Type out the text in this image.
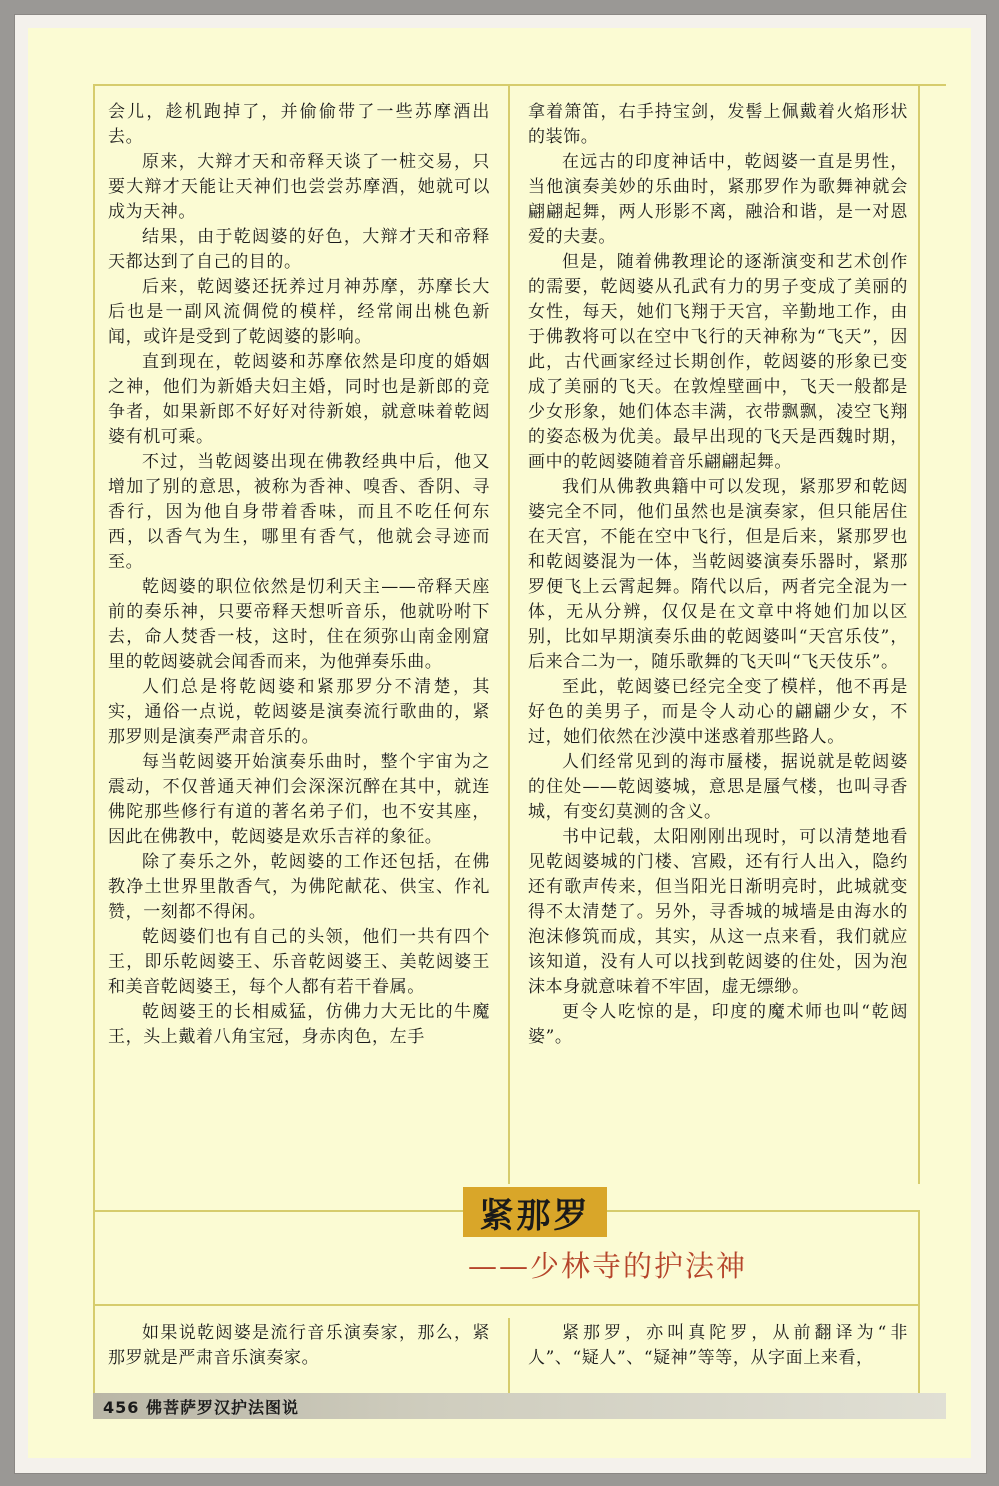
会儿，趁机跑掉了，并偷偷带了一些苏摩酒出去。

原来，大辩才天和帝释天谈了一桩交易，只要大辩才天能让天神们也尝尝苏摩酒，她就可以成为天神。

结果，由于乾闼婆的好色，大辩才天和帝释天都达到了自己的目的。

后来，乾闼婆还抚养过月神苏摩，苏摩长大后也是一副风流倜傥的模样，经常闹出桃色新闻，或许是受到了乾闼婆的影响。

直到现在，乾闼婆和苏摩依然是印度的婚姻之神，他们为新婚夫妇主婚，同时也是新郎的竞争者，如果新郎不好好对待新娘，就意味着乾闼婆有机可乘。

不过，当乾闼婆出现在佛教经典中后，他又增加了别的意思，被称为香神、嗅香、香阴、寻香行，因为他自身带着香味，而且不吃任何东西，以香气为生，哪里有香气，他就会寻迹而至。

乾闼婆的职位依然是忉利天主——帝释天座前的奏乐神，只要帝释天想听音乐，他就吩咐下去，命人焚香一枝，这时，住在须弥山南金刚窟里的乾闼婆就会闻香而来，为他弹奏乐曲。

人们总是将乾闼婆和紧那罗分不清楚，其实，通俗一点说，乾闼婆是演奏流行歌曲的，紧那罗则是演奏严肃音乐的。

每当乾闼婆开始演奏乐曲时，整个宇宙为之震动，不仅普通天神们会深深沉醉在其中，就连佛陀那些修行有道的著名弟子们，也不安其座，因此在佛教中，乾闼婆是欢乐吉祥的象征。

除了奏乐之外，乾闼婆的工作还包括，在佛教净土世界里散香气，为佛陀献花、供宝、作礼赞，一刻都不得闲。

乾闼婆们也有自己的头领，他们一共有四个王，即乐乾闼婆王、乐音乾闼婆王、美乾闼婆王和美音乾闼婆王，每个人都有若干眷属。

乾闼婆王的长相威猛，仿佛力大无比的牛魔王，头上戴着八角宝冠，身赤肉色，左手

拿着箫笛，右手持宝剑，发髻上佩戴着火焰形状的装饰。

在远古的印度神话中，乾闼婆一直是男性，当他演奏美妙的乐曲时，紧那罗作为歌舞神就会翩翩起舞，两人形影不离，融洽和谐，是一对恩爱的夫妻。

但是，随着佛教理论的逐渐演变和艺术创作的需要，乾闼婆从孔武有力的男子变成了美丽的女性，每天，她们飞翔于天宫，辛勤地工作，由于佛教将可以在空中飞行的天神称为“飞天”，因此，古代画家经过长期创作，乾闼婆的形象已变成了美丽的飞天。在敦煌壁画中，飞天一般都是少女形象，她们体态丰满，衣带飘飘，凌空飞翔的姿态极为优美。最早出现的飞天是西魏时期，画中的乾闼婆随着音乐翩翩起舞。

我们从佛教典籍中可以发现，紧那罗和乾闼婆完全不同，他们虽然也是演奏家，但只能居住在天宫，不能在空中飞行，但是后来，紧那罗也和乾闼婆混为一体，当乾闼婆演奏乐器时，紧那罗便飞上云霄起舞。隋代以后，两者完全混为一体，无从分辨，仅仅是在文章中将她们加以区别，比如早期演奏乐曲的乾闼婆叫“天宫乐伎”，后来合二为一，随乐歌舞的飞天叫“飞天伎乐”。

至此，乾闼婆已经完全变了模样，他不再是好色的美男子，而是令人动心的翩翩少女，不过，她们依然在沙漠中迷惑着那些路人。

人们经常见到的海市蜃楼，据说就是乾闼婆的住处——乾闼婆城，意思是蜃气楼，也叫寻香城，有变幻莫测的含义。

书中记载，太阳刚刚出现时，可以清楚地看见乾闼婆城的门楼、宫殿，还有行人出入，隐约还有歌声传来，但当阳光日渐明亮时，此城就变得不太清楚了。另外，寻香城的城墙是由海水的泡沫修筑而成，其实，从这一点来看，我们就应该知道，没有人可以找到乾闼婆的住处，因为泡沫本身就意味着不牢固，虚无缥缈。

更令人吃惊的是，印度的魔术师也叫“乾闼婆”。

紧那罗
——少林寺的护法神

如果说乾闼婆是流行音乐演奏家，那么，紧那罗就是严肃音乐演奏家。

紧那罗，亦叫真陀罗，从前翻译为“非人”、“疑人”、“疑神”等等，从字面上来看，

456 佛菩萨罗汉护法图说
